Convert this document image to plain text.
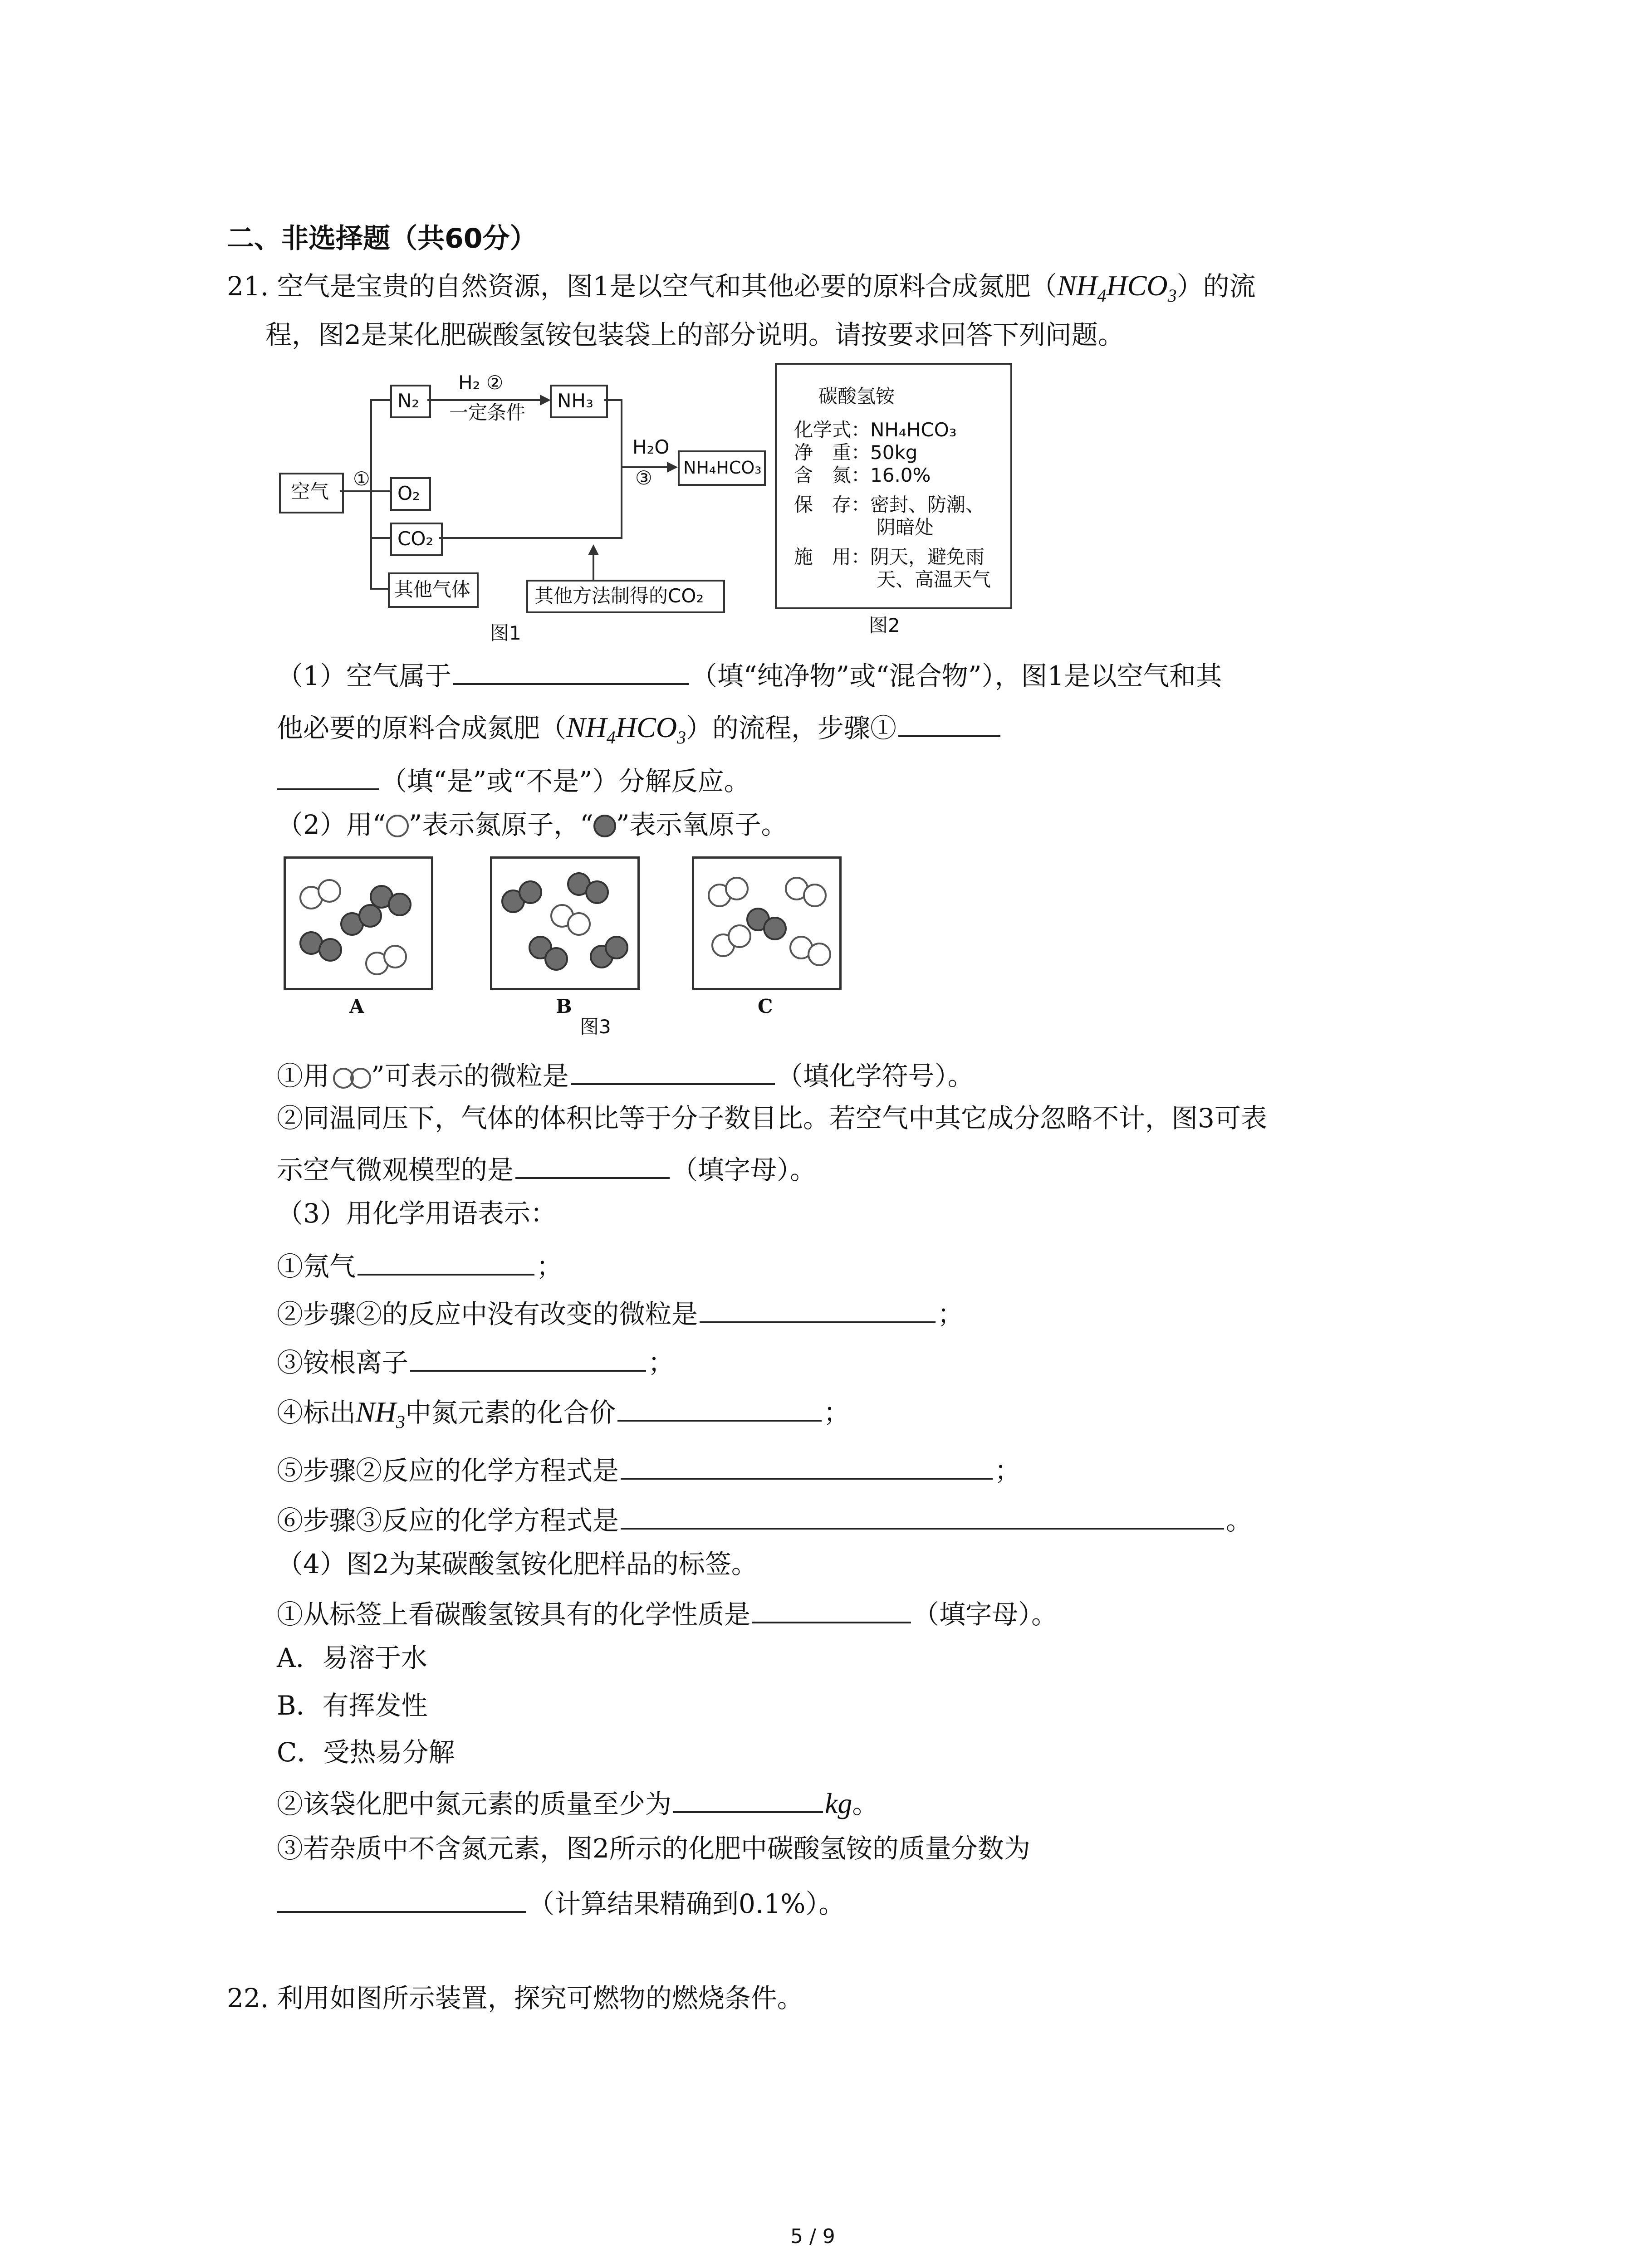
二、非选择题（共60分）
21. 空气是宝贵的自然资源，图1是以空气和其他必要的原料合成氮肥$(NH_4HCO_3)$的流
程，图2是某化肥碳酸氢铵包装袋上的部分说明。请按要求回答下列问题。
空气
①
N₂
O₂
CO₂
其他气体
H₂ ②
一定条件
NH₃
H₂O
③ NH₄HCO₃
其他方法制得的CO₂
图1
碳酸氢铵
化学式：NH₄HCO₃
净　重：50kg
含　氮：16.0%
保　存：密封、防潮、
阴暗处
施　用：阴天，避免雨
天、高温天气
图2
（1）空气属于	（填“纯净物”或“混合物”），图1是以空气和其
他必要的原料合成氮肥$(NH_4HCO_3)$的流程，步骤①
（填“是”或“不是”）分解反应。
（2）用“ ”表示氮原子，“ ”表示氧原子。
A	B	C
图3
①用 ”可表示的微粒是	（填化学符号）。
②同温同压下，气体的体积比等于分子数目比。若空气中其它成分忽略不计，图3可表
示空气微观模型的是	（填字母）。
（3）用化学用语表示：
①氖气	；
②步骤②的反应中没有改变的微粒是	；
③铵根离子	；
④标出$NH_3$中氮元素的化合价	；
⑤步骤②反应的化学方程式是	；
⑥步骤③反应的化学方程式是	。
（4）图2为某碳酸氢铵化肥样品的标签。
①从标签上看碳酸氢铵具有的化学性质是	（填字母）。
A．易溶于水
B．有挥发性
C．受热易分解
②该袋化肥中氮元素的质量至少为	kg。
③若杂质中不含氮元素，图2所示的化肥中碳酸氢铵的质量分数为
（计算结果精确到0.1%）。
22. 利用如图所示装置，探究可燃物的燃烧条件。
5 / 9
